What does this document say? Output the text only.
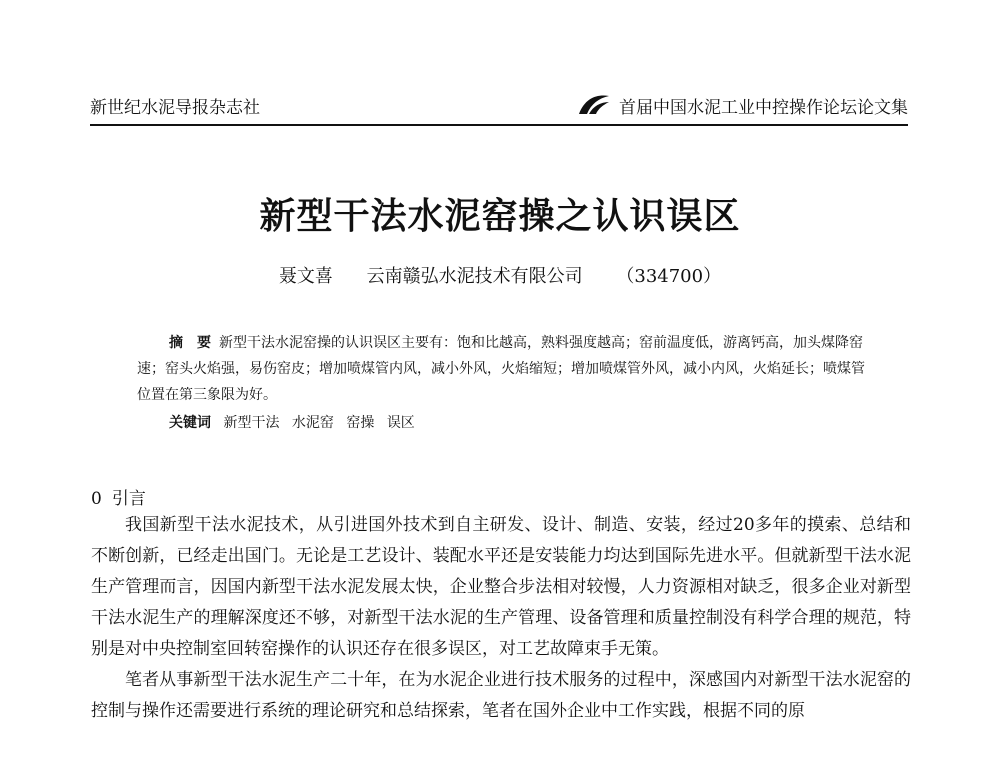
新世纪水泥导报杂志社	首届中国水泥工业中控操作论坛论文集
新型干法水泥窑操之认识误区
聂文喜 云南赣弘水泥技术有限公司 （334700）

摘　要 新型干法水泥窑操的认识误区主要有：饱和比越高，熟料强度越高；窑前温度低，游离钙高，加头煤降窑速；窑头火焰强，易伤窑皮；增加喷煤管内风，减小外风，火焰缩短；增加喷煤管外风，减小内风，火焰延长；喷煤管位置在第三象限为好。

关键词 新型干法 水泥窑 窑操 误区
0 引言

我国新型干法水泥技术，从引进国外技术到自主研发、设计、制造、安装，经过20多年的摸索、总结和不断创新，已经走出国门。无论是工艺设计、装配水平还是安装能力均达到国际先进水平。但就新型干法水泥生产管理而言，因国内新型干法水泥发展太快，企业整合步法相对较慢，人力资源相对缺乏，很多企业对新型干法水泥生产的理解深度还不够，对新型干法水泥的生产管理、设备管理和质量控制没有科学合理的规范，特别是对中央控制室回转窑操作的认识还存在很多误区，对工艺故障束手无策。

笔者从事新型干法水泥生产二十年，在为水泥企业进行技术服务的过程中，深感国内对新型干法水泥窑的控制与操作还需要进行系统的理论研究和总结探索，笔者在国外企业中工作实践，根据不同的原
